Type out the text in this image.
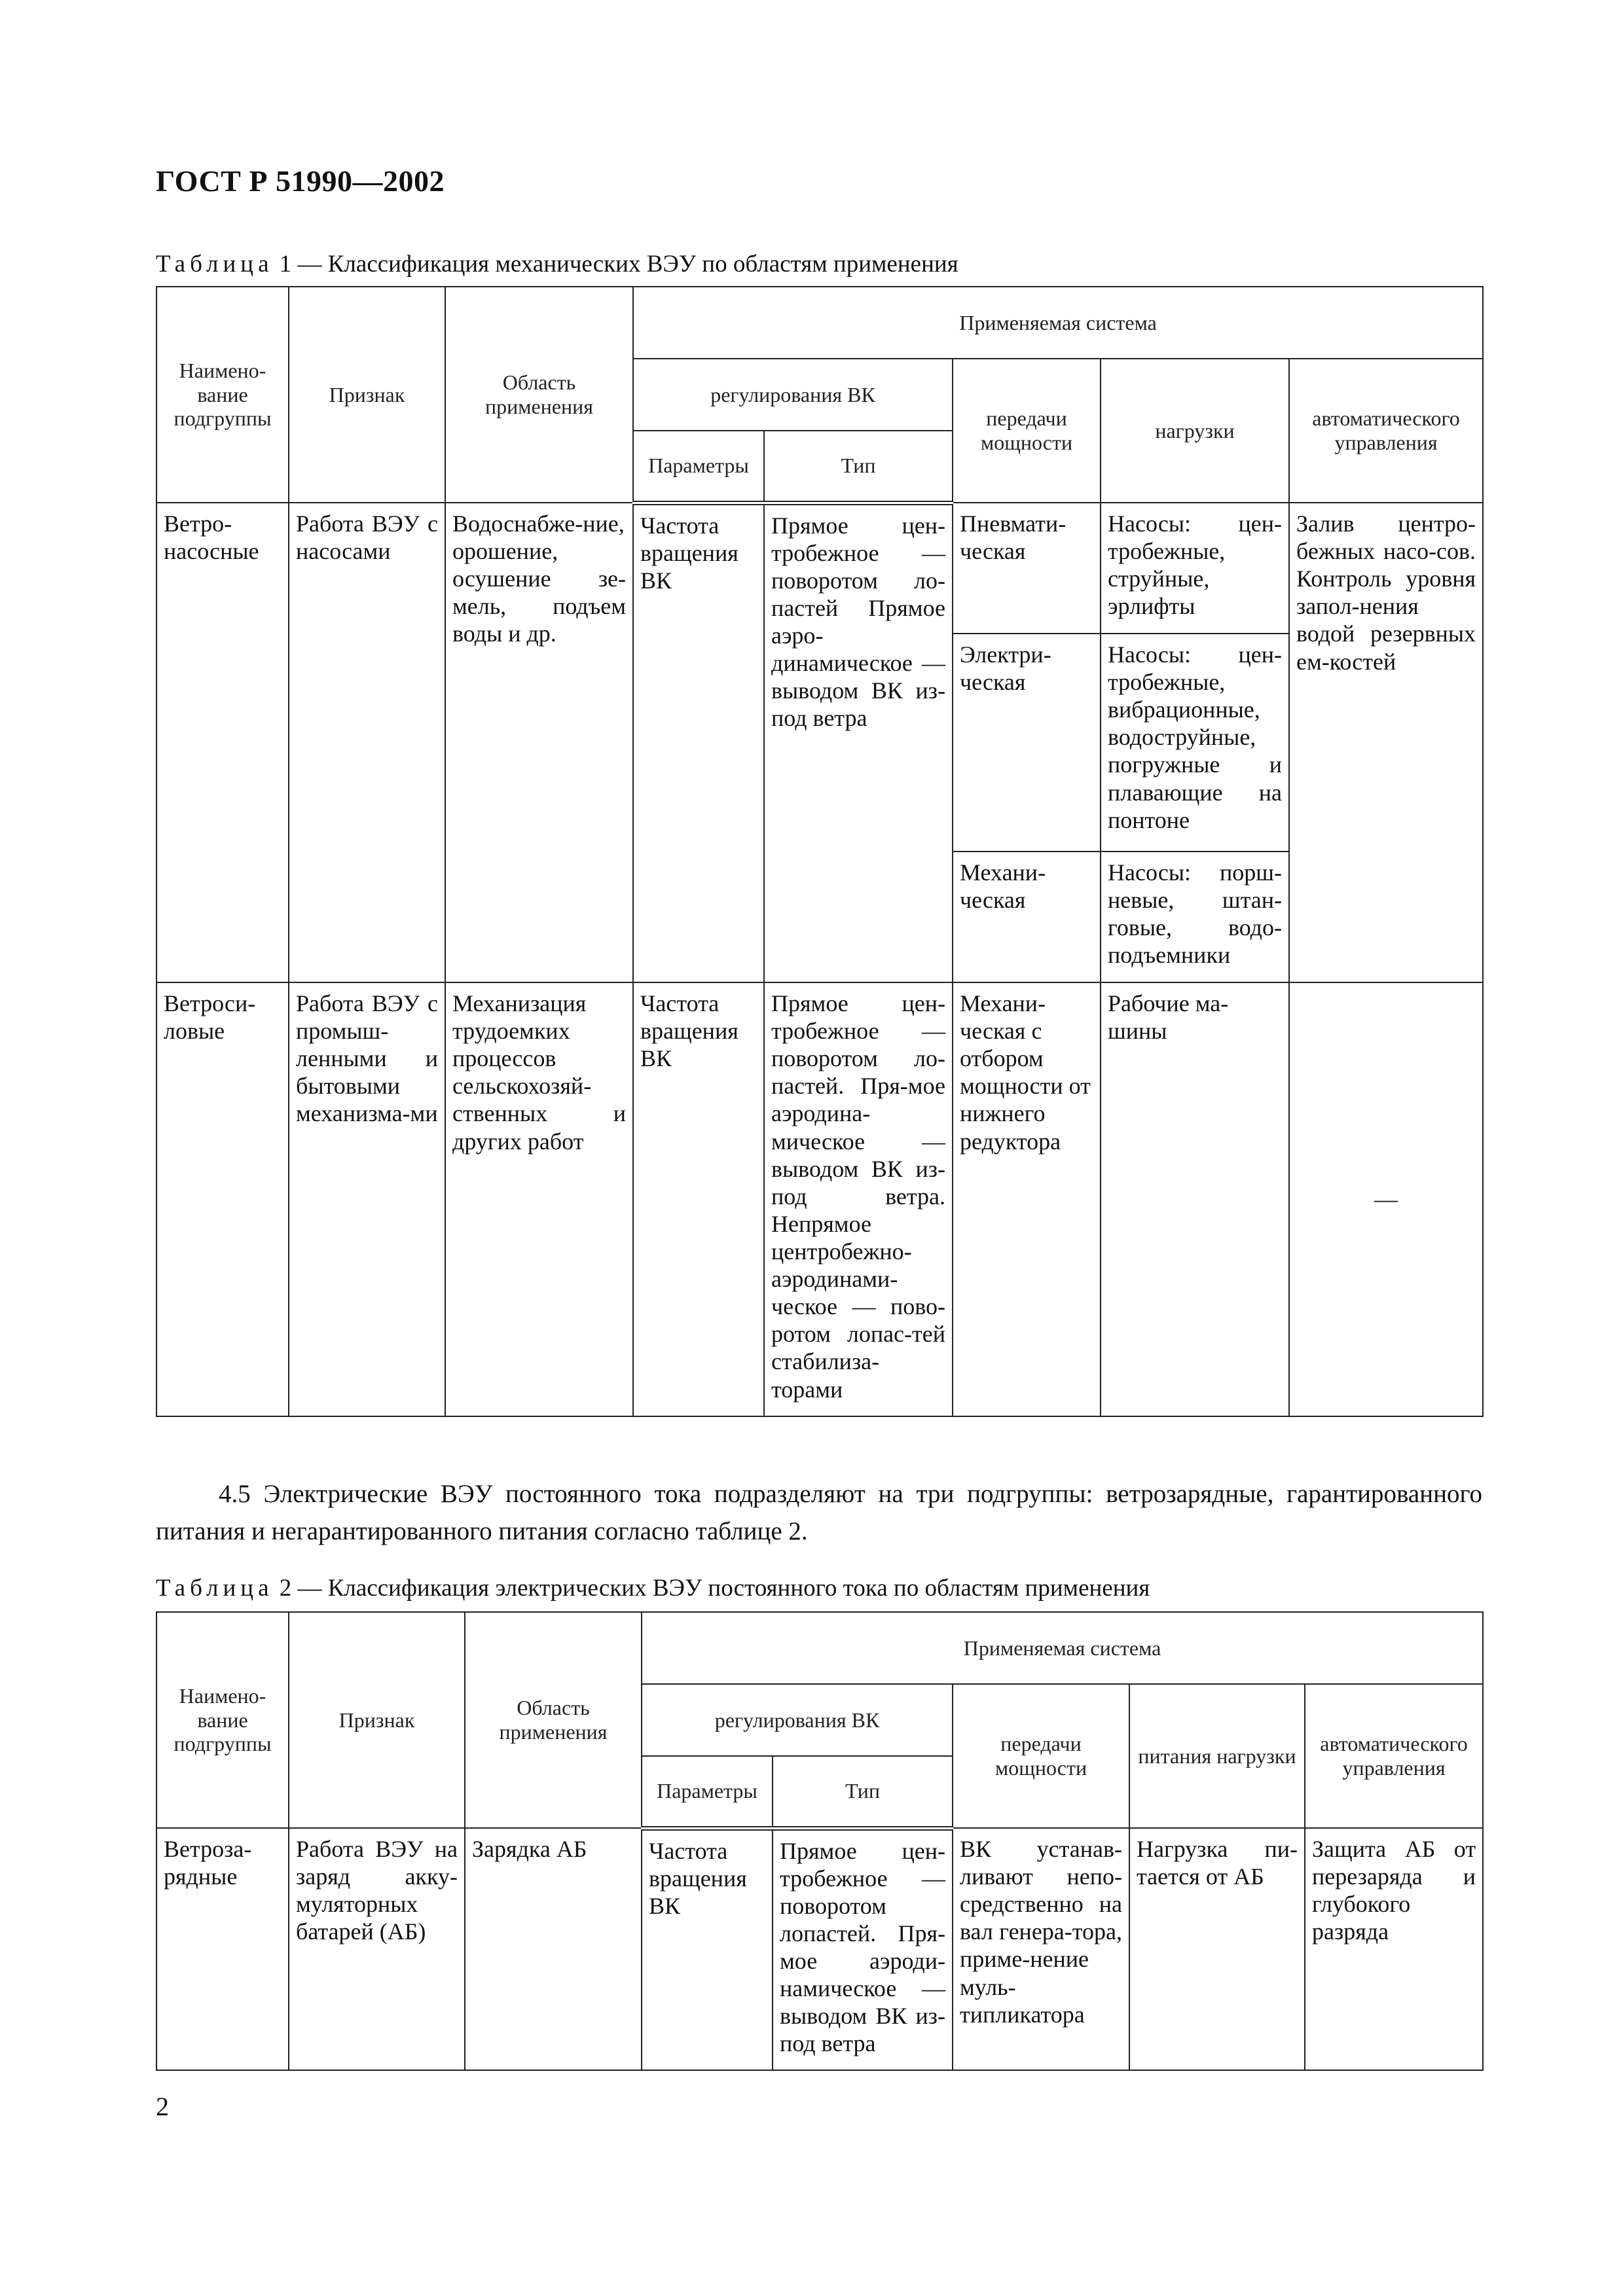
ГОСТ Р 51990—2002
Таблица 1 — Классификация механических ВЭУ по областям применения
Наимено-вание подгруппы	Признак	Область применения	Применяемая система				
			регулирования ВК		передачи мощности	нагрузки	автоматического управления
			Параметры	Тип			
Ветро-насосные	Работа ВЭУ с насосами	Водоснабже-ние, орошение, осушение зе-мель, подъем воды и др.	Частота вращения ВК	Прямое цен-тробежное — поворотом ло-пастей Прямое аэро-динамическое — выводом ВК из-под ветра	Пневмати-ческая	Насосы: цен-тробежные, струйные, эрлифты	Залив центро-бежных насо-сов. Контроль уровня запол-нения водой резервных ем-костей
					Электри-ческая	Насосы: цен-тробежные, вибрационные, водоструйные, погружные и плавающие на понтоне	
					Механи-ческая	Насосы: порш-невые, штан-говые, водо-подъемники	
Ветроси-ловые	Работа ВЭУ с промыш-ленными и бытовыми механизма-ми	Механизация трудоемких процессов сельскохозяй-ственных и других работ	Частота вращения ВК	Прямое цен-тробежное — поворотом ло-пастей. Пря-мое аэродина-мическое — выводом ВК из-под ветра. Непрямое центробежно-аэродинами-ческое — пово-ротом лопас-тей стабилиза-торами	Механи-ческая с отбором мощности от нижнего редуктора	Рабочие ма-шины	—
4.5 Электрические ВЭУ постоянного тока подразделяют на три подгруппы: ветрозарядные, гарантированного питания и негарантированного питания согласно таблице 2.
Таблица 2 — Классификация электрических ВЭУ постоянного тока по областям применения
Наимено-вание подгруппы	Признак	Область применения	Применяемая система				
			регулирования ВК		передачи мощности	питания нагрузки	автоматического управления
			Параметры	Тип			
Ветроза-рядные	Работа ВЭУ на заряд акку-муляторных батарей (АБ)	Зарядка АБ	Частота вращения ВК	Прямое цен-тробежное — поворотом лопастей. Пря-мое аэроди-намическое — выводом ВК из-под ветра	ВК устанав-ливают непо-средственно на вал генера-тора, приме-нение муль-типликатора	Нагрузка пи-тается от АБ	Защита АБ от перезаряда и глубокого разряда
2
